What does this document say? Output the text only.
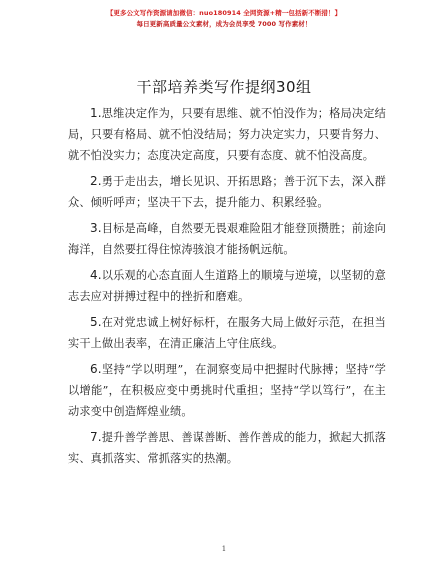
【更多公文写作资源请加微信：nuo180914 全网资源+精一包括新不断措！】
每日更新高质量公文素材，成为会员享受 7000 写作素材！
干部培养类写作提纲30组

1.思维决定作为，只要有思维、就不怕没作为；格局决定结局，只要有格局、就不怕没结局；努力决定实力，只要肯努力、就不怕没实力；态度决定高度，只要有态度、就不怕没高度。

2.勇于走出去，增长见识、开拓思路；善于沉下去，深入群众、倾听呼声；坚决干下去，提升能力、积累经验。

3.目标是高峰，自然要无畏艰难险阻才能登顶攒胜；前途向海洋，自然要扛得住惊涛骇浪才能扬帆远航。

4.以乐观的心态直面人生道路上的顺境与逆境，以坚韧的意志去应对拼搏过程中的挫折和磨难。

5.在对党忠诚上树好标杆，在服务大局上做好示范，在担当实干上做出表率，在清正廉洁上守住底线。

6.坚持“学以明理”，在洞察变局中把握时代脉搏；坚持“学以增能”，在积极应变中勇挑时代重担；坚持“学以笃行”，在主动求变中创造辉煌业绩。

7.提升善学善思、善谋善断、善作善成的能力，掀起大抓落实、真抓落实、常抓落实的热潮。

1
